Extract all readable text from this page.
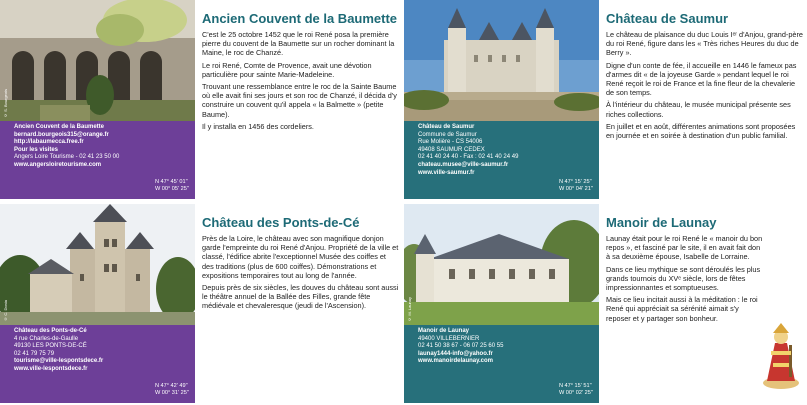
© S. Bourgeois
Ancien Couvent de la Baumette
bernard.bourgeois315@orange.fr
http://labaumecca.free.fr
Pour les visites
Angers Loire Tourisme - 02 41 23 50 00
www.angersloiretourisme.com
N 47° 45' 01''
W 00° 05' 25''
Ancien Couvent de la Baumette

C'est le 25 octobre 1452 que le roi René posa la première pierre du couvent de la Baumette sur un rocher dominant la Maine, le roc de Chanzé.

Le roi René, Comte de Provence, avait une dévotion particulière pour sainte Marie-Madeleine.

Trouvant une ressemblance entre le roc de la Sainte Baume où elle avait fini ses jours et son roc de Chanzé, il décida d'y construire un couvent qu'il appela « la Balmette » (petite Baume).

Il y installa en 1456 des cordeliers.	Château de Saumur
Commune de Saumur
Rue Molière - CS 54006
49408 SAUMUR CEDEX
02 41 40 24 40 - Fax : 02 41 40 24 49
chateau.musee@ville-saumur.fr
www.ville-saumur.fr
N 47° 15' 25''
W 00° 04' 21''
Château de Saumur

Le château de plaisance du duc Louis Iᵉʳ d'Anjou, grand-père du roi René, figure dans les « Très riches Heures du duc de Berry ».

Digne d'un conte de fée, il accueille en 1446 le fameux pas d'armes dit « de la joyeuse Garde » pendant lequel le roi René reçoit le roi de France et la fine fleur de la chevalerie de son temps.

À l'intérieur du château, le musée municipal présente ses riches collections.

En juillet et en août, différentes animations sont proposées en journée et en soirée à destination d'un public familial.

© C. Donia
Château des Ponts-de-Cé
4 rue Charles-de-Gaulle
49130 LES PONTS-DE-CÉ
02 41 79 75 79
tourisme@ville-lespontsdece.fr
www.ville-lespontsdece.fr
N 47° 42' 49''
W 00° 31' 25''
Château des Ponts-de-Cé

Près de la Loire, le château avec son magnifique donjon garde l'empreinte du roi René d'Anjou. Propriété de la ville et classé, l'édifice abrite l'exceptionnel Musée des coiffes et des traditions (plus de 600 coiffes). Démonstrations et expositions temporaires tout au long de l'année.

Depuis près de six siècles, les douves du château sont aussi le théâtre annuel de la Ballée des Filles, grande fête médiévale et chevaleresque (jeudi de l'Ascension).	© M. Launay
Manoir de Launay
49400 VILLEBERNIER
02 41 50 38 67 - 06 07 25 60 55
launay1444-info@yahoo.fr
www.manoirdelaunay.com
N 47° 15' 51''
W 00° 02' 25''
Manoir de Launay

Launay était pour le roi René le « manoir du bon repos », et fasciné par le site, il en avait fait don à sa deuxième épouse, Isabelle de Lorraine.

Dans ce lieu mythique se sont déroulés les plus grands tournois du XVᵉ siècle, lors de fêtes impressionnantes et somptueuses.

Mais ce lieu incitait aussi à la méditation : le roi René qui appréciait sa sérénité aimait s'y reposer et y partager son bonheur.
